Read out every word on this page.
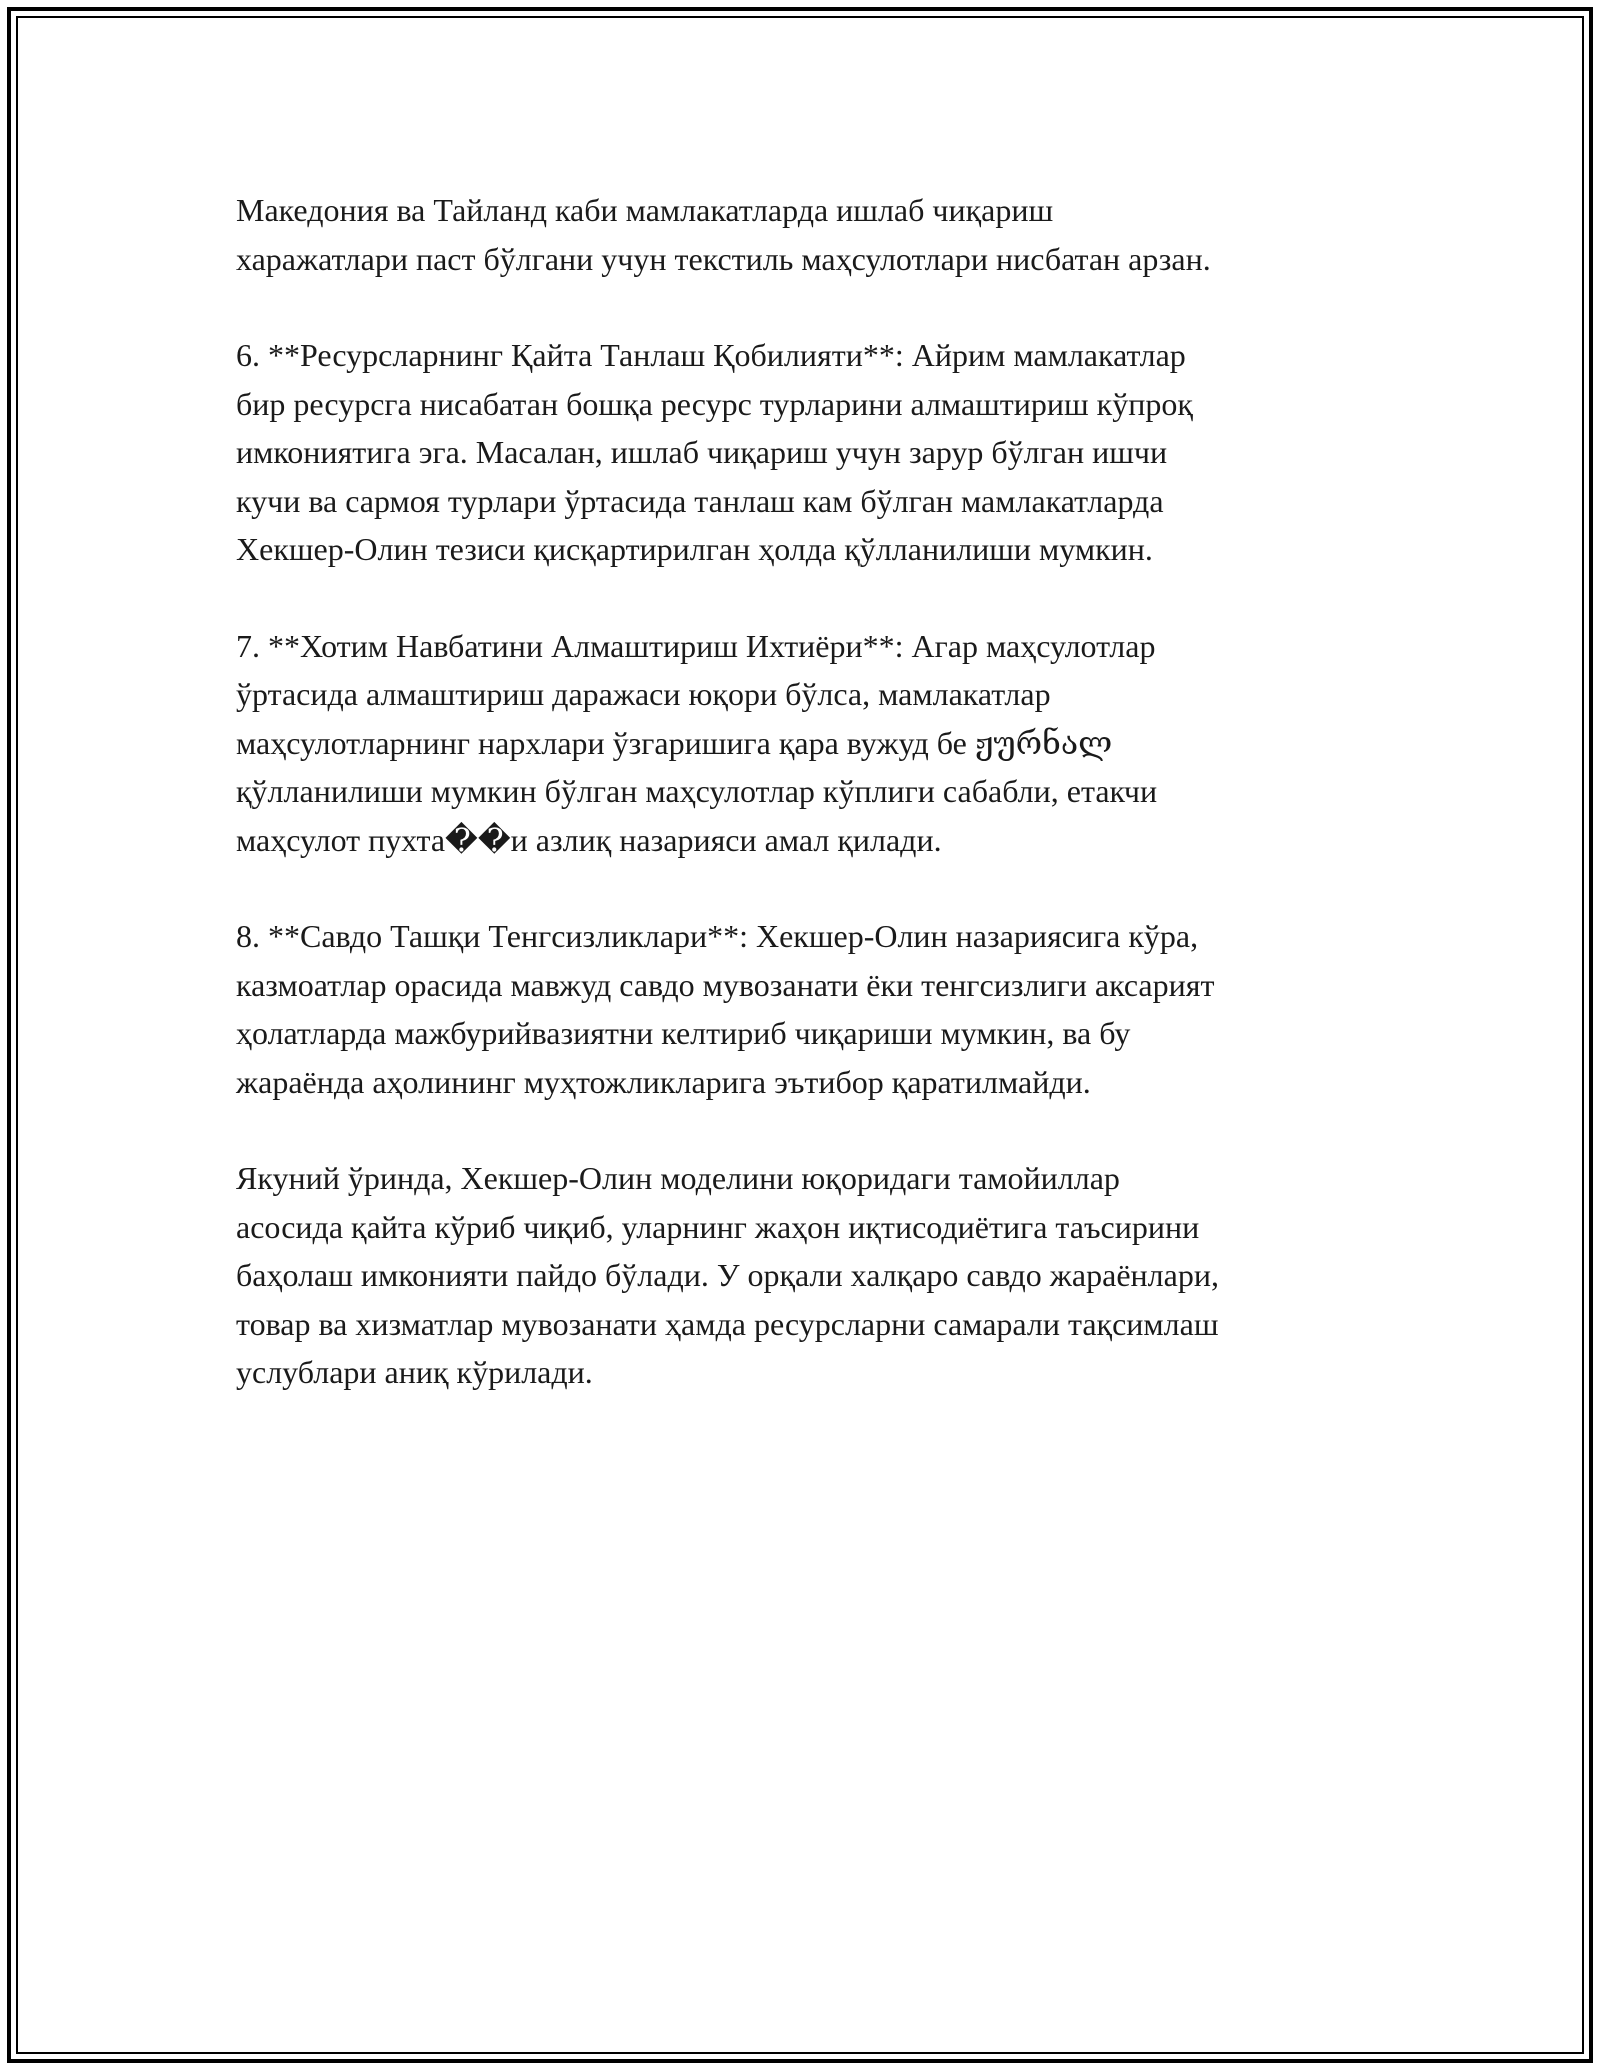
Македония ва Тайланд каби мамлакатларда ишлаб чиқариш
харажатлари паст бўлгани учун текстиль маҳсулотлари нисбатан арзан.

6. **Ресурсларнинг Қайта Танлаш Қобилияти**: Айрим мамлакатлар
бир ресурсга нисабатан бошқа ресурс турларини алмаштириш кўпроқ
имкониятига эга. Масалан, ишлаб чиқариш учун зарур бўлган ишчи
кучи ва сармоя турлари ўртасида танлаш кам бўлган мамлакатларда
Хекшер-Олин тезиси қисқартирилган ҳолда қўлланилиши мумкин.

7. **Хотим Навбатини Алмаштириш Ихтиёри**: Агар маҳсулотлар
ўртасида алмаштириш даражаси юқори бўлса, мамлакатлар
маҳсулотларнинг нархлари ўзгаришига қара вужуд бе ჟურნალ
қўлланилиши мумкин бўлган маҳсулотлар кўплиги сабабли, етакчи
маҳсулот пухта��и азлиқ назарияси амал қилади.

8. **Савдо Ташқи Тенгсизликлари**: Хекшер-Олин назариясига кўра,
казмоатлар орасида мавжуд савдо мувозанати ёки тенгсизлиги аксарият
ҳолатларда мажбурийвазиятни келтириб чиқариши мумкин, ва бу
жараёнда аҳолининг муҳтожликларига эътибор қаратилмайди.

Якуний ўринда, Хекшер-Олин моделини юқоридаги тамойиллар
асосида қайта кўриб чиқиб, уларнинг жаҳон иқтисодиётига таъсирини
баҳолаш имконияти пайдо бўлади. У орқали халқаро савдо жараёнлари,
товар ва хизматлар мувозанати ҳамда ресурсларни самарали тақсимлаш
услублари аниқ кўрилади.
